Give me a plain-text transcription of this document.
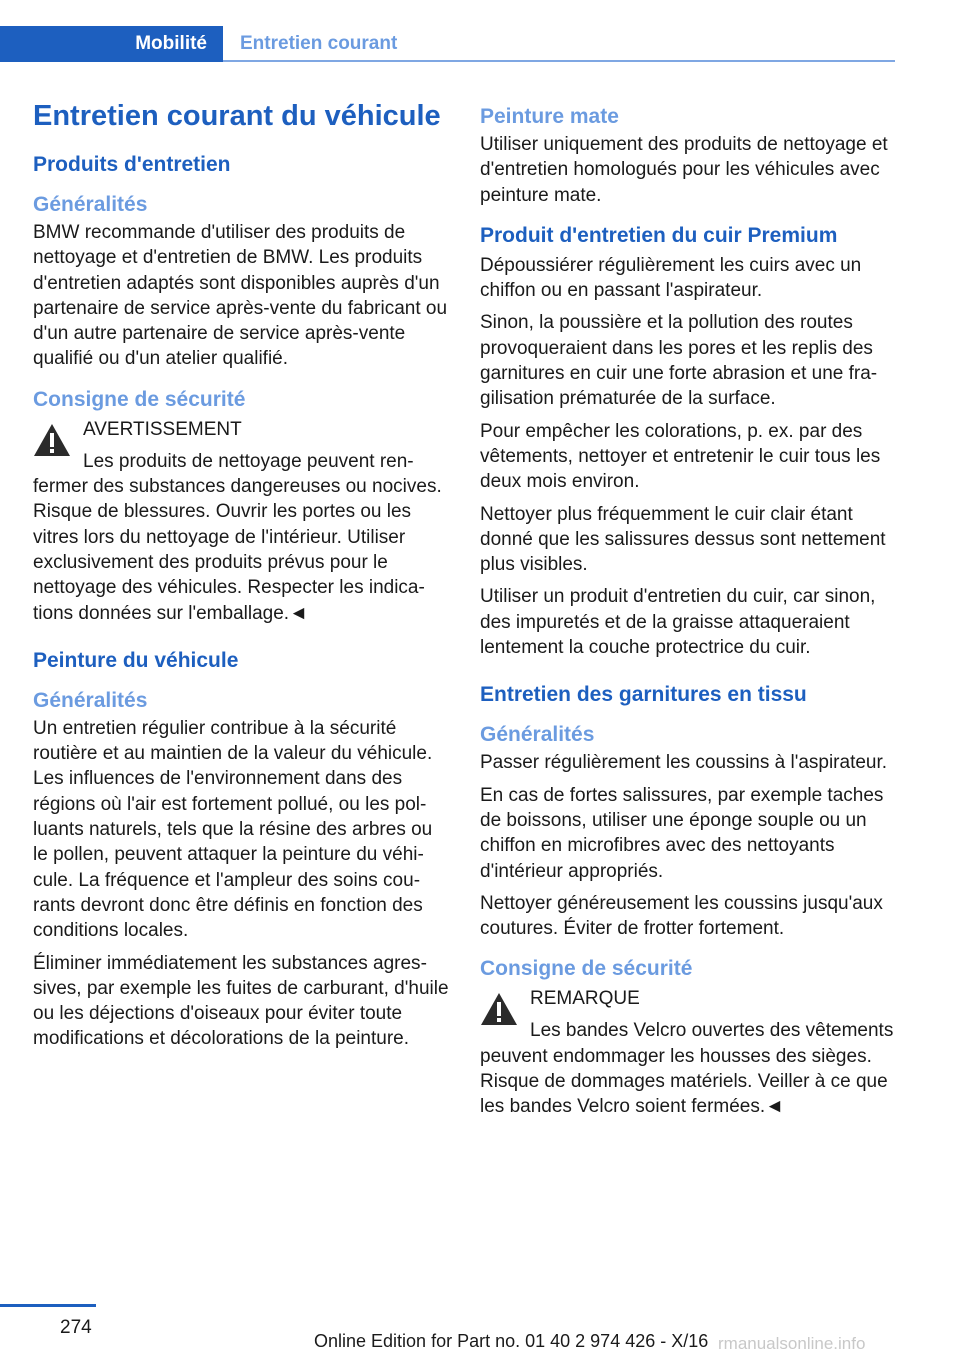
Mobilité	Entretien courant
Entretien courant du véhicule
Produits d'entretien
Généralités

BMW recommande d'utiliser des produits de nettoyage et d'entretien de BMW. Les produits d'entretien adaptés sont disponibles auprès d'un partenaire de service après-vente du fabricant ou d'un autre partenaire de service après-vente qualifié ou d'un atelier qualifié.

Consigne de sécurité
AVERTISSEMENT

Les produits de nettoyage peuvent renfermer des substances dangereuses ou nocives. Risque de blessures. Ouvrir les portes ou les vitres lors du nettoyage de l'intérieur. Utiliser exclusivement des produits prévus pour le nettoyage des véhicules. Respecter les indications données sur l'emballage.◄

Peinture du véhicule
Généralités

Un entretien régulier contribue à la sécurité routière et au maintien de la valeur du véhicule. Les influences de l'environnement dans des régions où l'air est fortement pollué, ou les polluants naturels, tels que la résine des arbres ou le pollen, peuvent attaquer la peinture du véhicule. La fréquence et l'ampleur des soins courants devront donc être définis en fonction des conditions locales.

Éliminer immédiatement les substances agressives, par exemple les fuites de carburant, d'huile ou les déjections d'oiseaux pour éviter toute modifications et décolorations de la peinture.

Peinture mate

Utiliser uniquement des produits de nettoyage et d'entretien homologués pour les véhicules avec peinture mate.

Produit d'entretien du cuir Premium

Dépoussiérer régulièrement les cuirs avec un chiffon ou en passant l'aspirateur.

Sinon, la poussière et la pollution des routes provoqueraient dans les pores et les replis des garnitures en cuir une forte abrasion et une fragilisation prématurée de la surface.

Pour empêcher les colorations, p. ex. par des vêtements, nettoyer et entretenir le cuir tous les deux mois environ.

Nettoyer plus fréquemment le cuir clair étant donné que les salissures dessus sont nettement plus visibles.

Utiliser un produit d'entretien du cuir, car sinon, des impuretés et de la graisse attaqueraient lentement la couche protectrice du cuir.

Entretien des garnitures en tissu
Généralités

Passer régulièrement les coussins à l'aspirateur.

En cas de fortes salissures, par exemple taches de boissons, utiliser une éponge souple ou un chiffon en microfibres avec des nettoyants d'intérieur appropriés.

Nettoyer généreusement les coussins jusqu'aux coutures. Éviter de frotter fortement.

Consigne de sécurité
REMARQUE

Les bandes Velcro ouvertes des vêtements peuvent endommager les housses des sièges. Risque de dommages matériels. Veiller à ce que les bandes Velcro soient fermées.◄

274
Online Edition for Part no. 01 40 2 974 426 - X/16 rmanualsonline.info
